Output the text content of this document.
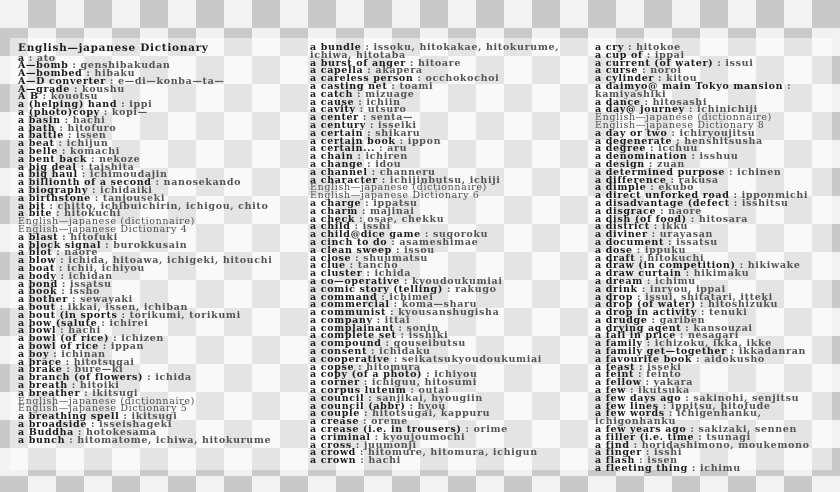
English—japanese Dictionary
a : ato
A—bomb : genshibakudan
A—bombed : hibaku
A—D converter : e—di—konba—ta—
A—grade : koushu
A B : kouotsu
a (helping) hand : ippi
a (photo)copy : kopi—
a basin : hachi
a bath : hitofuro
a battle : issen
a beat : ichijun
a belle : komachi
a bent back : nekoze
a big deal : taishita
a big haul : ichimoudajin
a billionth of a second : nanosekando
a biography : ichidaiki
a birthstone : tanjouseki
a bit : chitto, ichibuichirin, ichigou, chito
a bite : hitokuchi
English—japanese (dictionnaire)
English—japanese Dictionary 4
a blast : hitofuki
a block signal : burokkusain
a blot : naore
a blow : ichida, hitoawa, ichigeki, hitouchi
a boat : ichii, ichiyou
a body : ichidan
a bond : issatsu
a book : issho
a bother : sewayaki
a bout : ikkai, issen, ichiban
a bout (in sports : torikumi, torikumi
a bow (salute : ichirei
a bowl : hachi
a bowl (of rice) : ichizen
a bowl of rice : ippan
a boy : ichinan
a brace : hitotsugai
a brake : bure—ki
a branch (of flowers) : ichida
a breath : hitoiki
a breather : ikitsugi
English—japanese (dictionnaire)
English—japanese Dictionary 5
a breathing spell : ikitsugi
a broadside : isseishageki
a Buddha : hotokesama
a bunch : hitomatome, ichiwa, hitokurume
a bundle : issoku, hitokakae, hitokurume, ichiwa, hitotaba
a burst of anger : hitoare
a capella : akapera
a careless person : occhokochoi
a casting net : toami
a catch : mizuage
a cause : ichiin
a cavity : utsuro
a center : senta—
a century : isseiki
a certain : shikaru
a certain book : ippon
a certain... : aru
a chain : ichiren
a change : idou
a channel : channeru
a character : ichijinbutsu, ichiji
English—japanese (dictionnaire)
English—japanese Dictionary 6
a charge : ippatsu
a charm : majinai
a check : osae, chekku
a child : isshi
a child@dice game : sugoroku
a cinch to do : asameshimae
a clean sweep : issou
a close : shuumatsu
a clue : tancho
a cluster : ichida
a co—operative : kyoudoukumiai
a comic story (telling) : rakugo
a command : ichimei
a commercial : koma—sharu
a communist : kyousanshugisha
a company : ittai
a complainant : sonin
a complete set : isshiki
a compound : gouseibutsu
a consent : ichidaku
a cooperative : seikatsukyoudoukumiai
a copse : hitomura
a copy (of a photo) : ichiyou
a corner : ichiguu, hitosumi
a corpus luteum : outai
a council : sanjikai, hyougiin
a council (abbr) : hyou
a couple : hitotsugai, kappuru
a crease : oreme
a crease (i.e. in trousers) : orime
a criminal : kyoujoumochi
a cross : juumonji
a crowd : hitomure, hitomura, ichigun
a crown : hachi
a cry : hitokoe
a cup of : ippai
a current (of water) : issui
a curse : noroi
a cylinder : kitou
a daimyo@ main Tokyo mansion : kamiyashiki
a dance : hitosashi
a day@ journey : ichinichiji
English—japanese (dictionnaire)
English—japanese Dictionary 8
a day or two : ichiryoujitsu
a degenerate : henshitsusha
a degree : icchuu
a denomination : isshuu
a design : zuan
a determined purpose : ichinen
a difference : rakusa
a dimple : ekubo
a direct unforked road : ipponmichi
a disadvantage (defect : isshitsu
a disgrace : naore
a dish (of food) : hitosara
a district : ikku
a diviner : urayasan
a document : issatsu
a dose : ippuku
a draft : hitokuchi
a draw (in competition) : hikiwake
a draw curtain : hikimaku
a dream : ichimu
a drink : inryou, ippai
a drop : issui, shitatari, itteki
a drop (of water) : hitoshizuku
a drop in activity : tenuki
a drudge : gariben
a drying agent : kansouzai
a fall in price : nesagari
a family : ichizoku, ikka, ikke
a family get—together : ikkadanran
a favourite book : aidokusho
a feast : isseki
a feint : feinto
a fellow : yakara
a few : ikutsuka
a few days ago : sakinohi, senjitsu
a few lines : ippitsu, hitofude
a few words : ichigenhanku, ichigonhanku
a few years ago : sakizaki, sennen
a filler (i.e. time : tsunagi
a find : horidashimono, moukemono
a finger : isshi
a flash : issen
a fleeting thing : ichimu
